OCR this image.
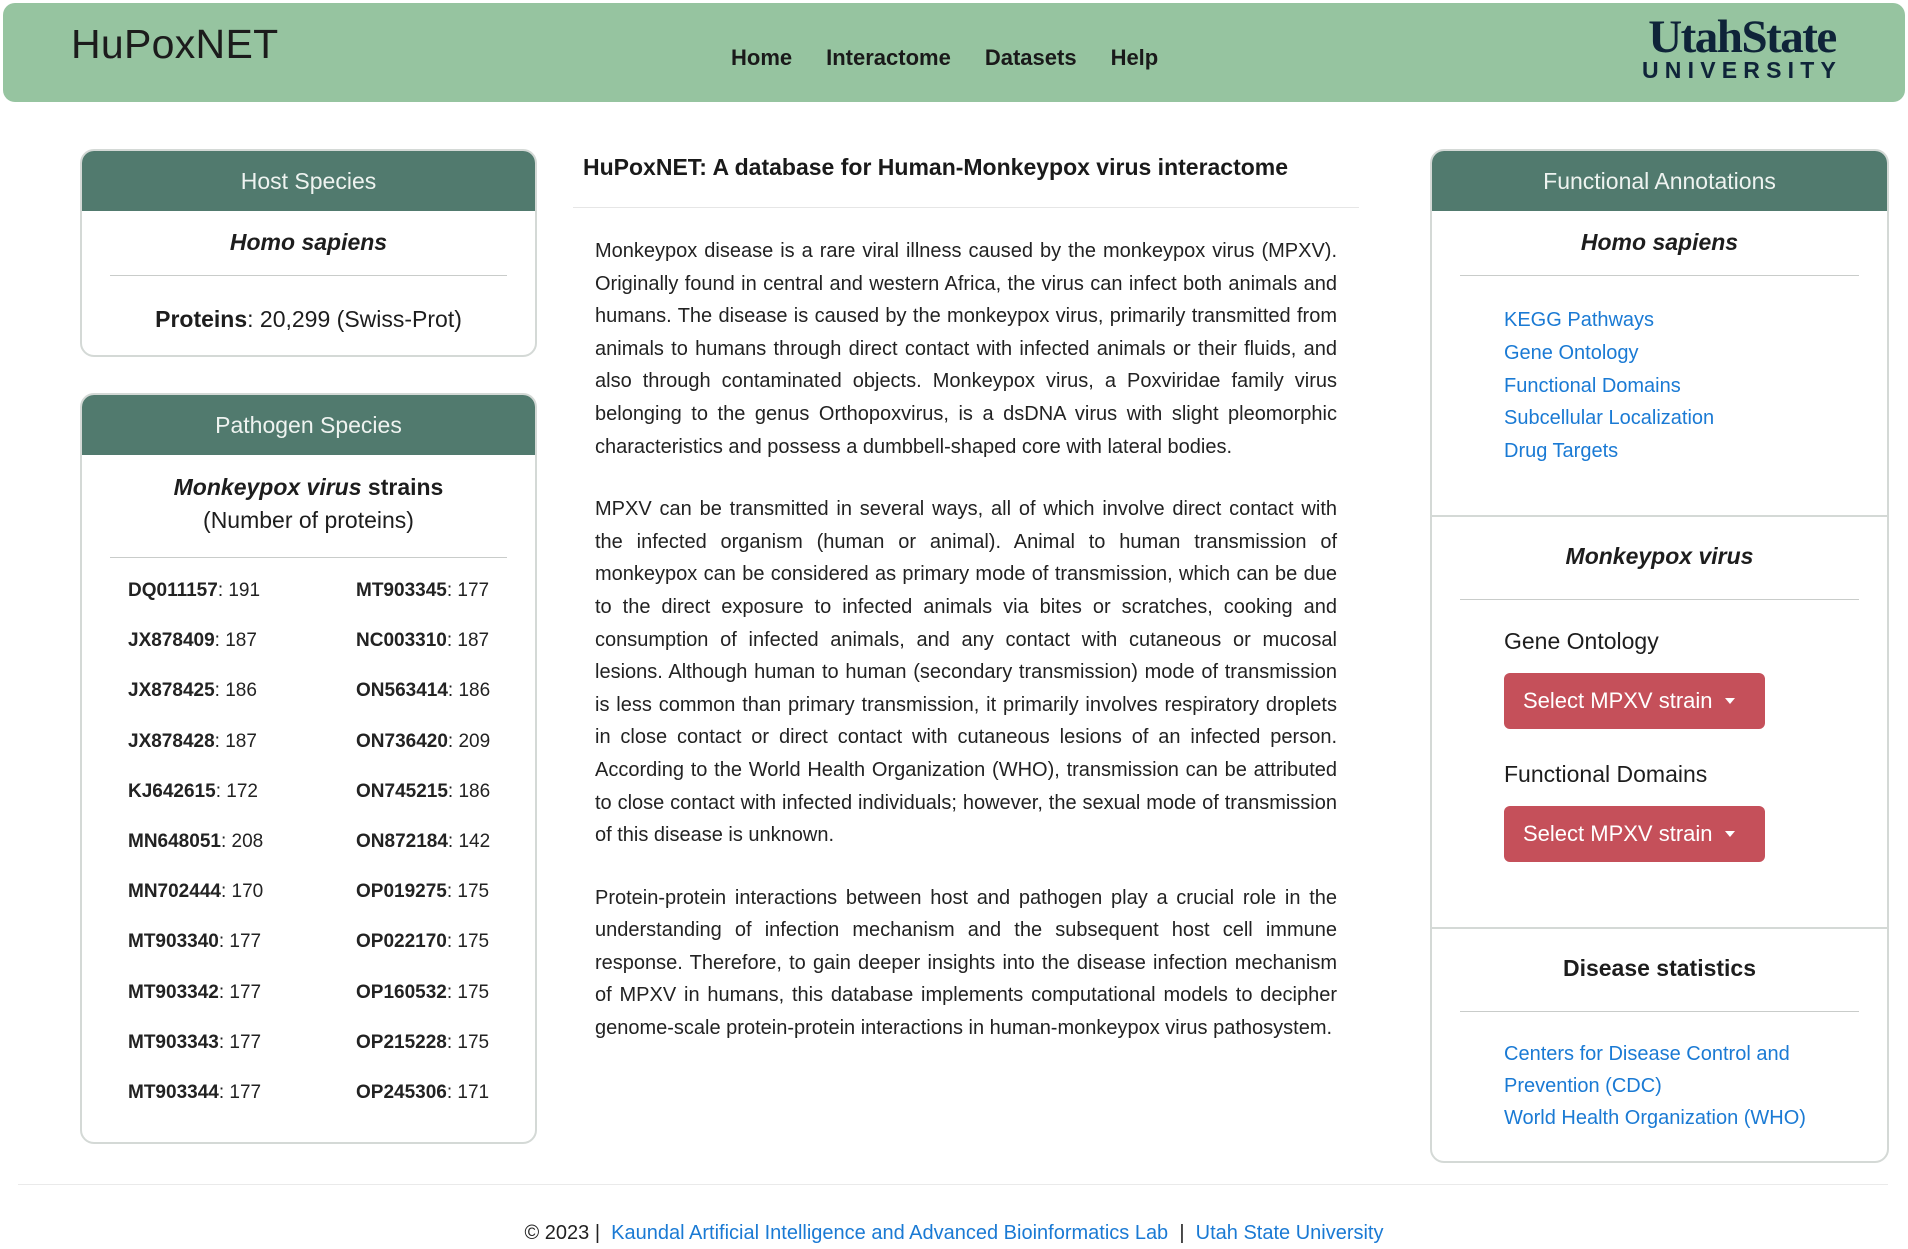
HuPoxNET	Home Interactome Datasets Help	UtahState
UNIVERSITY
Host Species
Homo sapiens
Proteins: 20,299 (Swiss-Prot)
Pathogen Species
Monkeypox virus strains
(Number of proteins)
DQ011157: 191	MT903345: 177
JX878409: 187	NC003310: 187
JX878425: 186	ON563414: 186
JX878428: 187	ON736420: 209
KJ642615: 172	ON745215: 186
MN648051: 208	ON872184: 142
MN702444: 170	OP019275: 175
MT903340: 177	OP022170: 175
MT903342: 177	OP160532: 175
MT903343: 177	OP215228: 175
MT903344: 177	OP245306: 171
HuPoxNET: A database for Human-Monkeypox virus interactome

Monkeypox disease is a rare viral illness caused by the monkeypox virus (MPXV). Originally found in central and western Africa, the virus can infect both animals and humans. The disease is caused by the monkeypox virus, primarily transmitted from animals to humans through direct contact with infected animals or their fluids, and also through contaminated objects. Monkeypox virus, a Poxviridae family virus belonging to the genus Orthopoxvirus, is a dsDNA virus with slight pleomorphic characteristics and possess a dumbbell-shaped core with lateral bodies.

MPXV can be transmitted in several ways, all of which involve direct contact with the infected organism (human or animal). Animal to human transmission of monkeypox can be considered as primary mode of transmission, which can be due to the direct exposure to infected animals via bites or scratches, cooking and consumption of infected animals, and any contact with cutaneous or mucosal lesions. Although human to human (secondary transmission) mode of transmission is less common than primary transmission, it primarily involves respiratory droplets in close contact or direct contact with cutaneous lesions of an infected person. According to the World Health Organization (WHO), transmission can be attributed to close contact with infected individuals; however, the sexual mode of transmission of this disease is unknown.

Protein-protein interactions between host and pathogen play a crucial role in the understanding of infection mechanism and the subsequent host cell immune response. Therefore, to gain deeper insights into the disease infection mechanism of MPXV in humans, this database implements computational models to decipher genome-scale protein-protein interactions in human-monkeypox virus pathosystem.

Functional Annotations
Homo sapiens
KEGG Pathways
Gene Ontology
Functional Domains
Subcellular Localization
Drug Targets
Monkeypox virus
Gene Ontology
Select MPXV strain
Functional Domains
Select MPXV strain
Disease statistics
Centers for Disease Control and Prevention (CDC)
World Health Organization (WHO)
© 2023 | Kaundal Artificial Intelligence and Advanced Bioinformatics Lab | Utah State University
